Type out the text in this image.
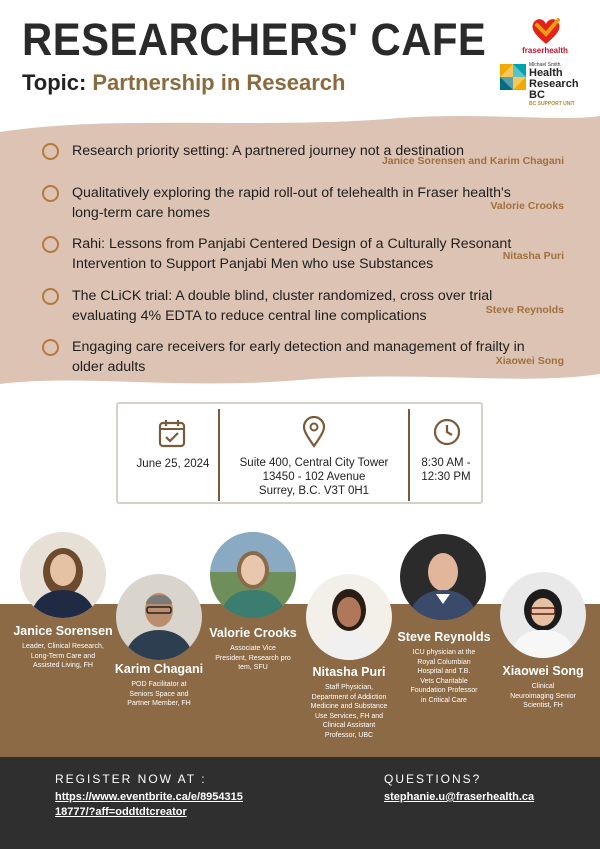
RESEARCHERS' CAFE
Topic: Partnership in Research
fraserhealth
Michael Smith
Health
Research BC
BC SUPPORT UNIT
Research priority setting: A partnered journey not a destination
Janice Sorensen and Karim Chagani
Qualitatively exploring the rapid roll-out of telehealth in Fraser health's
long-term care homes	Valorie Crooks
Rahi: Lessons from Panjabi Centered Design of a Culturally Resonant
Intervention to Support Panjabi Men who use Substances	Nitasha Puri
The CLiCK trial: A double blind, cluster randomized, cross over trial
evaluating 4% EDTA to reduce central line complications	Steve Reynolds
Engaging care receivers for early detection and management of frailty in
older adults	Xiaowei Song
June 25, 2024	Suite 400, Central City Tower
13450 - 102 Avenue
Surrey, B.C. V3T 0H1
8:30 AM -
12:30 PM
Janice Sorensen
Leader, Clinical Research,
Long-Term Care and
Assisted Living, FH	Karim Chagani
POD Facilitator at
Seniors Space and
Partner Member, FH
Valorie Crooks
Associate Vice
President, Research pro
tem, SFU	Nitasha Puri
Staff Physician,
Department of Addiction
Medicine and Substance
Use Services, FH and
Clinical Assistant
Professor, UBC
Steve Reynolds
ICU physician at the
Royal Columbian
Hospital and T.B.
Vets Charitable
Foundation Professor
in Critical Care
Xiaowei Song
Clinical
Neuroimaging Senior
Scientist, FH
REGISTER NOW AT :
https://www.eventbrite.ca/e/8954315
18777/?aff=oddtdtcreator
QUESTIONS?
stephanie.u@fraserhealth.ca
